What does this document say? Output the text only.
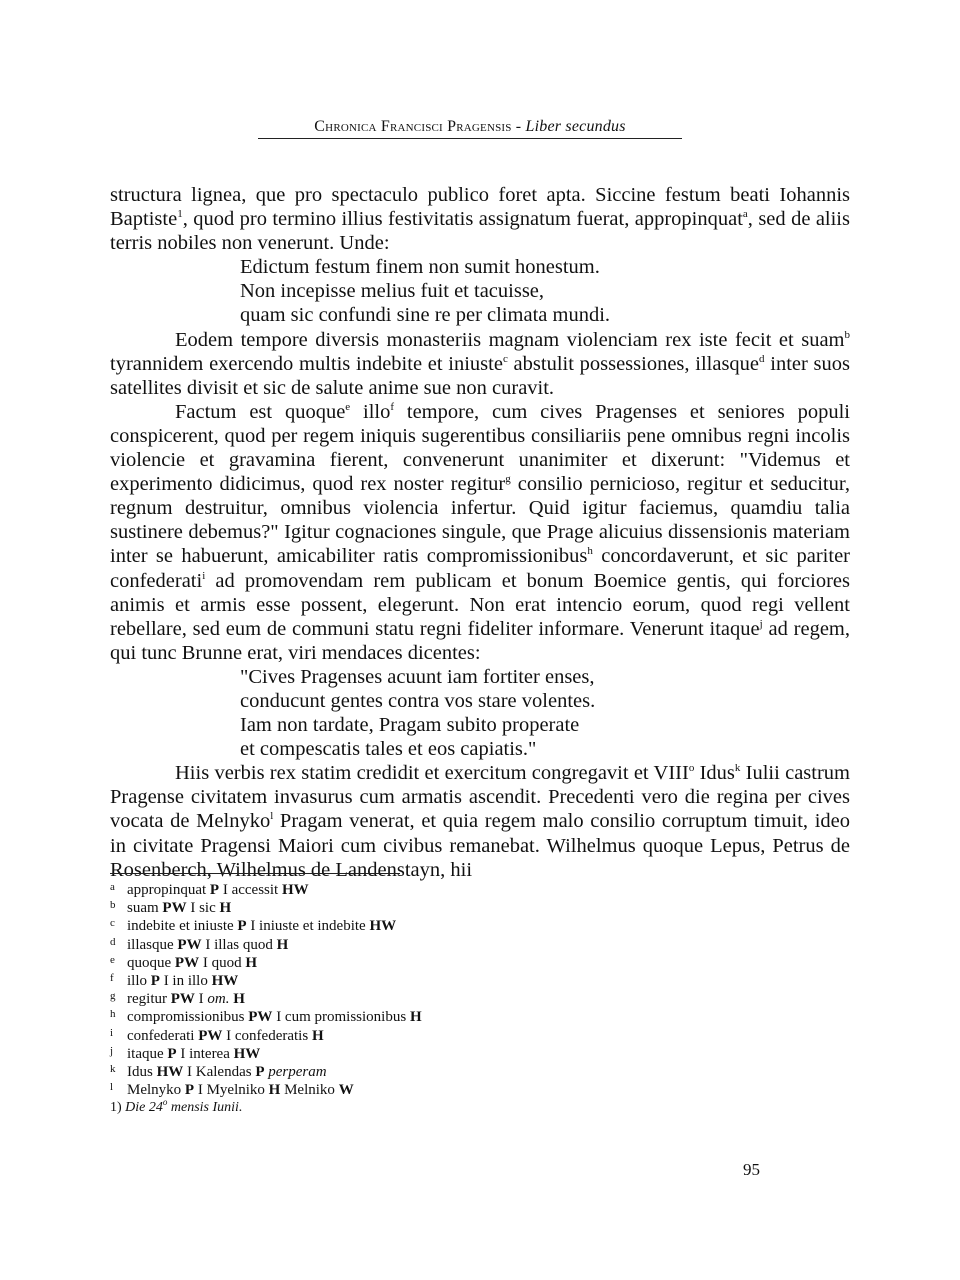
Chronica Francisci Pragensis - Liber secundus

structura lignea, que pro spectaculo publico foret apta. Siccine festum beati Iohannis Baptiste$^1$, quod pro termino illius festivitatis assignatum fuerat, appropinquat$^a$, sed de aliis terris nobiles non venerunt. Unde:

Edictum festum finem non sumit honestum.
Non incepisse melius fuit et tacuisse,
quam sic confundi sine re per climata mundi.

Eodem tempore diversis monasteriis magnam violenciam rex iste fecit et suam$^b$ tyrannidem exercendo multis indebite et iniuste$^c$ abstulit possessiones, illasque$^d$ inter suos satellites divisit et sic de salute anime sue non curavit.

Factum est quoque$^e$ illo$^f$ tempore, cum cives Pragenses et seniores populi conspicerent, quod per regem iniquis sugerentibus consiliariis pene omnibus regni incolis violencie et gravamina fierent, convenerunt unanimiter et dixerunt: "Videmus et experimento didicimus, quod rex noster regitur$^g$ consilio pernicioso, regitur et seducitur, regnum destruitur, omnibus violencia infertur. Quid igitur faciemus, quamdiu talia sustinere debemus?" Igitur cognaciones singule, que Prage alicuius dissensionis materiam inter se habuerunt, amicabiliter ratis compromissionibus$^h$ concordaverunt, et sic pariter confederati$^i$ ad promovendam rem publicam et bonum Boemice gentis, qui forciores animis et armis esse possent, elegerunt. Non erat intencio eorum, quod regi vellent rebellare, sed eum de communi statu regni fideliter informare. Venerunt itaque$^j$ ad regem, qui tunc Brunne erat, viri mendaces dicentes:

"Cives Pragenses acuunt iam fortiter enses,
conducunt gentes contra vos stare volentes.
Iam non tardate, Pragam subito properate
et compescatis tales et eos capiatis."

Hiis verbis rex statim credidit et exercitum congregavit et VIII$^o$ Idus$^k$ Iulii castrum Pragense civitatem invasurus cum armatis ascendit. Precedenti vero die regina per cives vocata de Melnyko$^l$ Pragam venerat, et quia regem malo consilio corruptum timuit, ideo in civitate Pragensi Maiori cum civibus remanebat. Wilhelmus quoque Lepus, Petrus de Rosenberch, Wilhelmus de Landenstayn, hii

a appropinquat P I accessit HW
b suam PW I sic H
c indebite et iniuste P I iniuste et indebite HW
d illasque PW I illas quod H
e quoque PW I quod H
f illo P I in illo HW
g regitur PW I om. H
h compromissionibus PW I cum promissionibus H
i confederati PW I confederatis H
j itaque P I interea HW
k Idus HW I Kalendas P perperam
l Melnyko P I Myelniko H Melniko W
1) Die 24$^o$ mensis Iunii.
95
